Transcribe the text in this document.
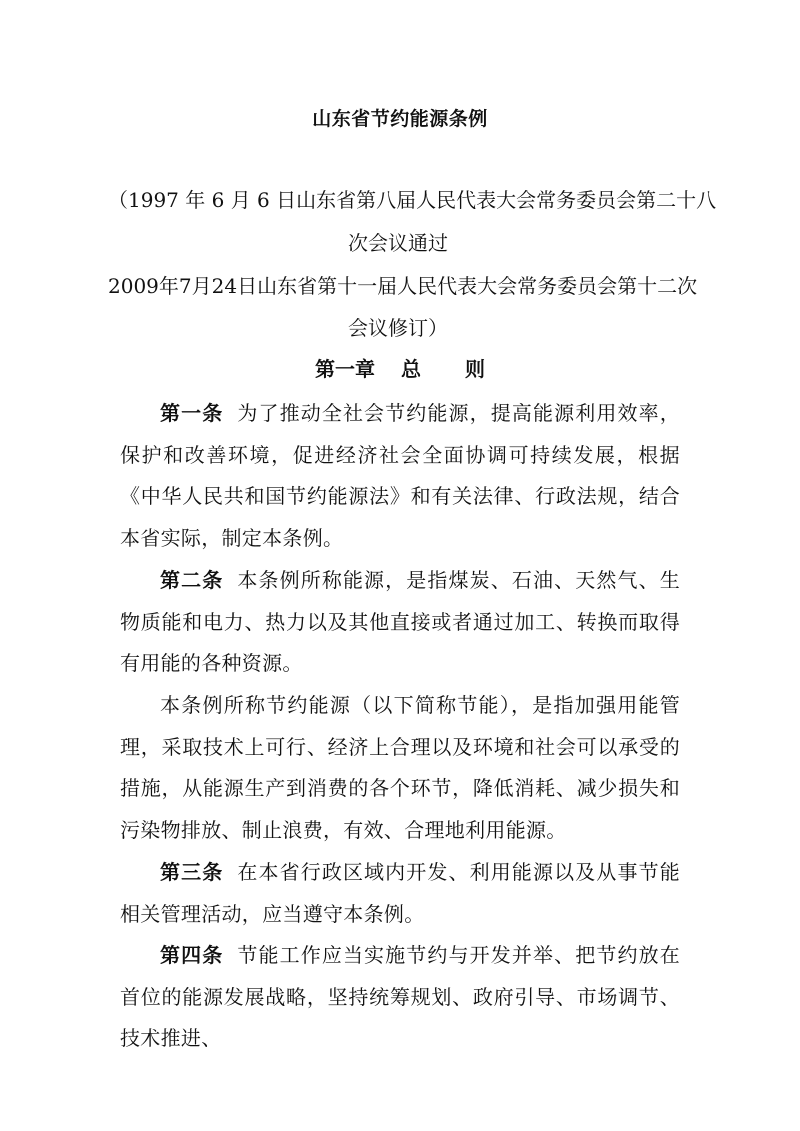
山东省节约能源条例
（1997 年 6 月 6 日山东省第八届人民代表大会常务委员会第二十八
次会议通过
2009年7月24日山东省第十一届人民代表大会常务委员会第十二次
会议修订）
第一章 总 则
第一条 为了推动全社会节约能源，提高能源利用效率，保护和改善环境，促进经济社会全面协调可持续发展，根据《中华人民共和国节约能源法》和有关法律、行政法规，结合本省实际，制定本条例。
第二条 本条例所称能源，是指煤炭、石油、天然气、生物质能和电力、热力以及其他直接或者通过加工、转换而取得有用能的各种资源。
本条例所称节约能源（以下简称节能），是指加强用能管理，采取技术上可行、经济上合理以及环境和社会可以承受的措施，从能源生产到消费的各个环节，降低消耗、减少损失和污染物排放、制止浪费，有效、合理地利用能源。
第三条 在本省行政区域内开发、利用能源以及从事节能相关管理活动，应当遵守本条例。
第四条 节能工作应当实施节约与开发并举、把节约放在首位的能源发展战略，坚持统筹规划、政府引导、市场调节、技术推进、
